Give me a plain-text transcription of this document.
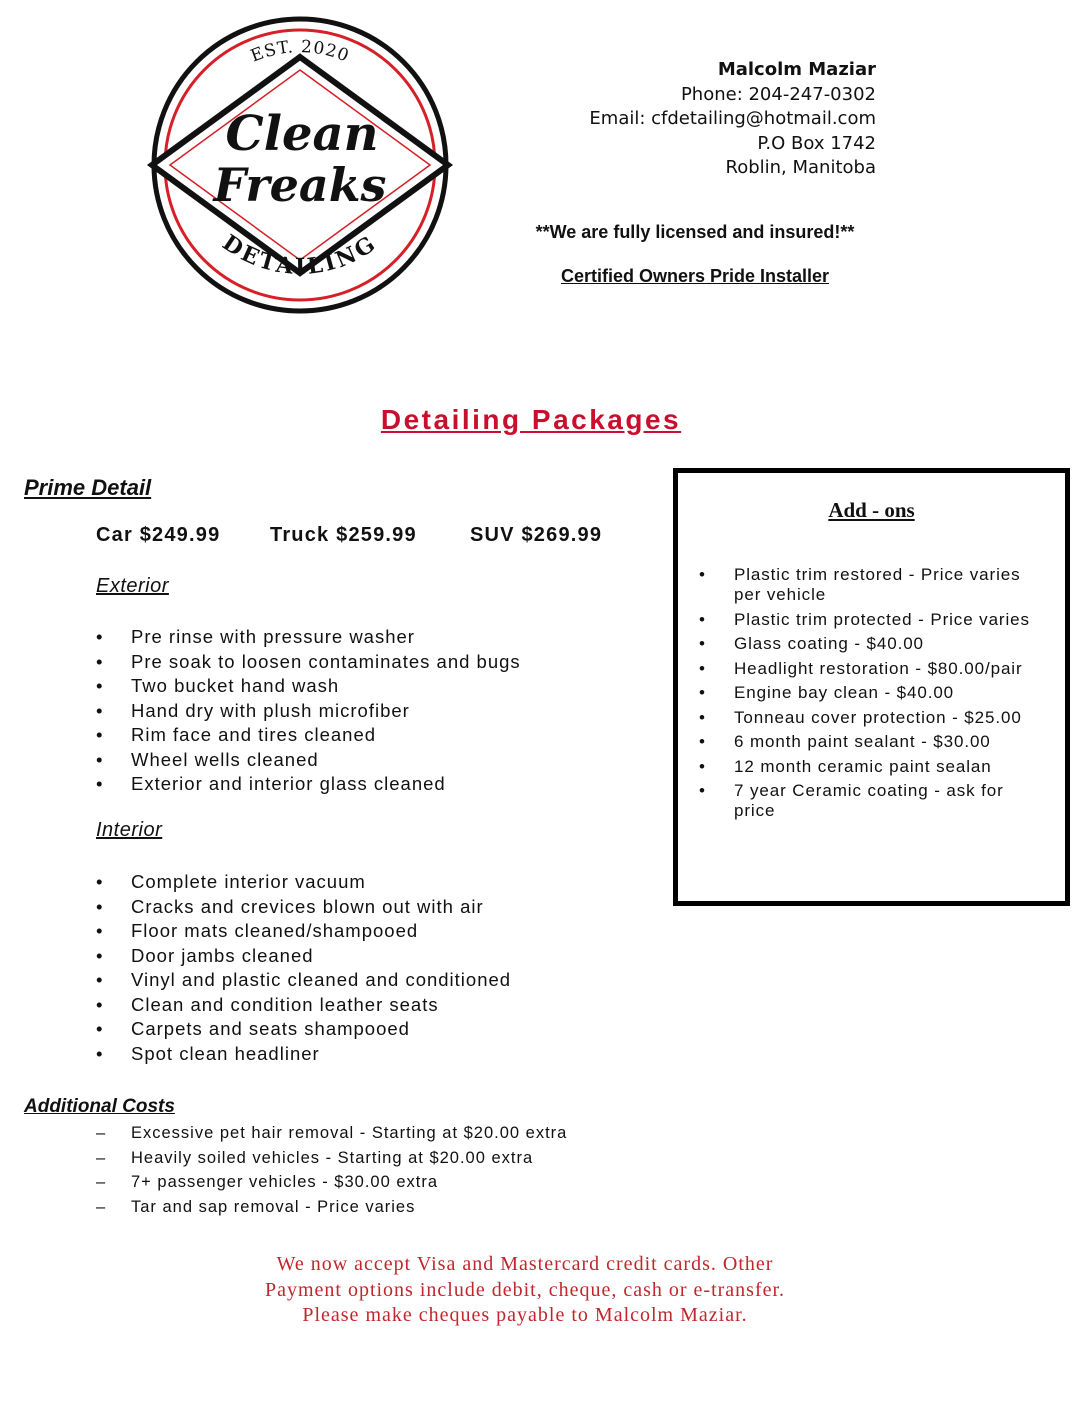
EST. 2020
DETAILING
Clean
Freaks
Malcolm Maziar
Phone: 204-247-0302
Email: cfdetailing@hotmail.com
P.O Box 1742
Roblin, Manitoba
**We are fully licensed and insured!**
Certified Owners Pride Installer
Detailing Packages
Prime Detail
Car $249.99 Truck $259.99	SUV $269.99
Exterior
• Pre rinse with pressure washer
• Pre soak to loosen contaminates and bugs
• Two bucket hand wash
• Hand dry with plush microfiber
• Rim face and tires cleaned
• Wheel wells cleaned
• Exterior and interior glass cleaned
Interior
• Complete interior vacuum
• Cracks and crevices blown out with air
• Floor mats cleaned/shampooed
• Door jambs cleaned
• Vinyl and plastic cleaned and conditioned
• Clean and condition leather seats
• Carpets and seats shampooed
• Spot clean headliner
Add - ons
• Plastic trim restored - Price varies per vehicle
• Plastic trim protected - Price varies
• Glass coating - $40.00
• Headlight restoration - $80.00/pair
• Engine bay clean - $40.00
• Tonneau cover protection - $25.00
• 6 month paint sealant - $30.00
• 12 month ceramic paint sealan
• 7 year Ceramic coating - ask for price
Additional Costs
– Excessive pet hair removal - Starting at $20.00 extra
– Heavily soiled vehicles - Starting at $20.00 extra
– 7+ passenger vehicles - $30.00 extra
– Tar and sap removal - Price varies
We now accept Visa and Mastercard credit cards. Other
Payment options include debit, cheque, cash or e-transfer.
Please make cheques payable to Malcolm Maziar.
